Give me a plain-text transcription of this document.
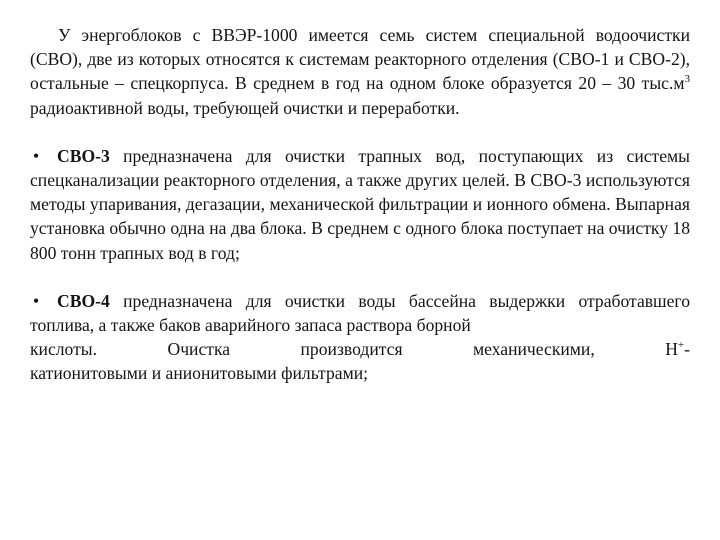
У энергоблоков с ВВЭР-1000 имеется семь систем специальной водоочистки (СВО), две из которых относятся к системам реакторного отделения (СВО-1 и СВО-2), остальные – спецкорпуса. В среднем в год на одном блоке образуется 20 – 30 $тыс.м^3$ радиоактивной воды, требующей очистки и переработки.

• СВО-3 предназначена для очистки трапных вод, поступающих из системы спецканализации реакторного отделения, а также других целей. В СВО-3 используются методы упаривания, дегазации, механической фильтрации и ионного обмена. Выпарная установка обычно одна на два блока. В среднем с одного блока поступает на очистку 18 800 тонн трапных вод в год;

• СВО-4 предназначена для очистки воды бассейна выдержки отработавшего топлива, а также баков аварийного запаса раствора борной

кислоты. Очистка производится механическими, Н+-

катионитовыми и анионитовыми фильтрами;
